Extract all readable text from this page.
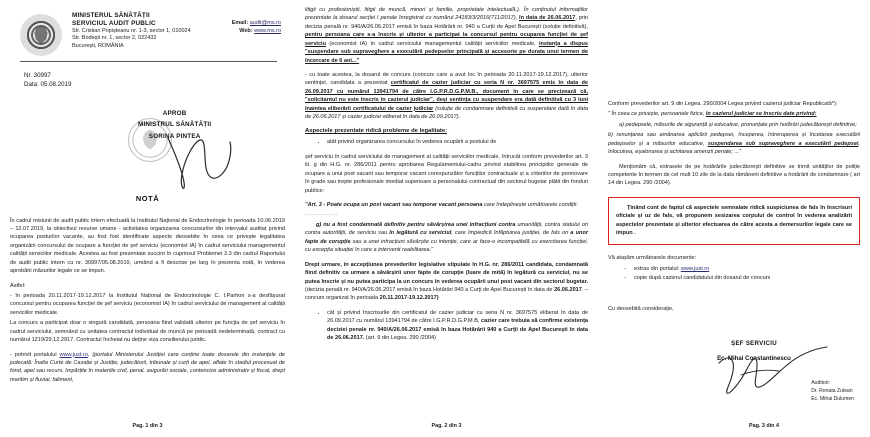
MINISTERUL SĂNĂTĂȚII
SERVICIUL AUDIT PUBLIC
Str. Cristian Popișteanu nr. 1-3, sector 1, 010024
Str. Bodești nr. 1, sector 2, 022432
București, ROMÂNIA
Email: audit@ms.ro
Web: www.ms.ro
Nr. 30997
Data: 05.08.2019
APROB
MINISTRUL SĂNĂTĂȚII
SORINA PINTEA
NOTĂ

În cadrul misiunii de audit public intern efectuată la Institutul Național de Endocrinologie în perioada 10.06.2019 – 12.07.2019, la obiectivul resurse umane - activitatea organizarea concursurilor din intervalul auditat privind ocuparea posturilor vacante, au fost fost identificate aspecte deosebite în ceea ce privește legalitatea organizării concursului de ocupare a funcției de șef serviciu (economist IA) în cadrul serviciului managementul calității serviciilor medicale. Acestea au fost prezentate succint în cuprinsul Problemei 3.3 din cadrul Raportului de audit public intern cu nr. 30997/05.08.2019, urmând a fi descrise pe larg în prezenta notă, în vederea aprobării măsurilor legale ce se impun.

Astfel:

- în perioada 20.11.2017-19.12.2017 la Institutul Național de Endocrinologie C. I.Parhon s-a desfășurat concursul pentru ocuparea funcției de șef serviciu (economist IA) în cadrul serviciului de management al calității serviciilor medicale.

La concurs a participat doar o singură candidată, persoana fiind validată ulterior pe funcția de șef serviciu în cadrul serviciului, semnând cu unitatea contractul individual de muncă pe perioadă nedeterminată, contract cu numărul 1219/29.12.2917. Contractul încheiat nu deține viza consilierului juridic.

- potrivit portalului www.just.ro, (portalul Ministerului Justiției care conține toate dosarele din instanțele de judecată: Înalta Curte de Casație și Justiție, judecătorii, tribunale și curți de apel, aflate în stadiul procesual de fond, apel sau recurs, împărțite în materiile civil, penal, asigurări sociale, contencios administrativ și fiscal, drept maritim și fluvial, faliment,

Pag. 1 din 3

litigii cu profesioniștii, litigii de muncă, minori și familie, proprietate intelectuală.). În conținutul informațiilor prezentate la dosarul secției I penale înregistrat cu numărul 24183/3/2016(711/2017), în data de 26.06.2017, prin decizia penală nr. 940/A/26.06.2017 emisă în baza Hotărârii nr. 940 a Curții de Apel București (soluție definitivă), pentru persoana care s-a înscris și ulterior a participat la concursul pentru ocuparea funcției de șef serviciu (economist IA) în cadrul serviciului managementul calității serviciilor medicale, instanța a dispus "suspendare sub supraveghere a executării pedepselor principală și accesorie pe durata unui termen de încercare de 6 ani..."

- cu toate acestea, la dosarul de concurs (concurs care a avut loc în perioada 20.11.2017-19.12.2017), ulterior sentinței, candidata a prezentat certificatul de cazier judiciar cu seria N nr. 3697575 emis în data de 26.09.2017 cu numărul 13941794 de către I.G.P.R.D.G.P.M.B., document în care se precizează că, "solicitantul nu este înscris în cazierul judiciar", deși sentința cu suspendare era dată definitivă cu 3 luni înaintea eliberării certificatului de cazier judiciar (soluție de condamnare definitivă cu suspendare dată în data de 26.06.2017 și cazier judiciar eliberat în data de 26.09.2017).

Aspectele prezentate ridică probleme de legalitate:

• atât privind organizarea concursului în vederea ocupării a postului de

șef serviciu în cadrul serviciului de management al calității serviciilor medicale, întrucât conform prevederilor art. 3 lit. g din H.G. nr. 286/2011 pentru aprobarea Regulamentului-cadru privind stabilirea principiilor generale de ocupare a unui post vacant sau temporar vacant corespunzător funcțiilor contractuale și a criteriilor de promovare în grade sau trepte profesionale imediat superioare a personalului contractual din sectorul bugetar plătit din fonduri publice:

"Art. 3 - Poate ocupa un post vacant sau temporar vacant persoana care îndeplinește următoarele condiții:

..............

g) nu a fost condamnată definitiv pentru săvârșirea unei infracțiuni contra umanității, contra statului ori contra autorității, de serviciu sau în legătură cu serviciul, care împiedică înfăptuirea justiției, de fals ori a unor fapte de corupție sau a unei infracțiuni săvârșite cu intenție, care ar face-o incompatibilă cu exercitarea funcției, cu excepția situației în care a intervenit reabilitarea."

Drept urmare, în accepțiunea prevederilor legislative stipulate în H.G. nr. 286/2011 candidata, condamnată fiind definitiv ca urmare a săvârșirii unor fapte de corupție (luare de mită) în legătură cu serviciul, nu se putea înscrie și nu putea participa la un concurs în vederea ocupării unui post vacant din sectorul bugetar. (decizia penală nr. 940/A/26.06.2017 emisă în baza Hotărâri 940 a Curți de Apel București în data de 26.06.2017. – concurs organizat în perioada 20.11.2017-19.12.2017)

• cât și privind înscrisurile din certificatul de cazier judiciar cu seria N nr. 3697575 eliberat în data de 26.09.2017 cu numărul 13941794 de către I.G.P.R.D.G.P.M.B, cazier care trebuia să confirme existența deciziei penale nr. 940/A/26.06.2017 emisă în baza Hotărârii 940 a Curții de Apel București în data de 26.06.2017. (art. 9 din Legea. 290 /2004)
Pag. 2 din 3

Conform prevederilor art. 9 din Legea. 290/2004 Legea privind cazierul judiciar Republicată*):

" În ceea ce privește, persoanele fizice, în cazierul judiciar se înscriu date privind:

a) pedepsele, măsurile de siguranță și educative, pronunțate prin hotărâri judecătorești definitive;

b) renunțarea sau amânarea aplicării pedepsei, începerea, întreruperea și încetarea executării pedepselor și a măsurilor educative, suspendarea sub supraveghere a executării pedepsei, înlocuirea, eșalonarea și achitarea amenzii penale; ..."

Menționăm că, extrasele de pe hotărârile judecătorești definitive se trimit unităților de poliție competente în termen de cel mult 10 zile de la data rămânerii definitive a hotărârii de condamnare ( art 14 din Legea. 290 /2004).

Ținând cont de faptul că aspectele semnalate ridică suspiciunea de fals în înscrisuri oficiale și uz de fals, vă propunem sesizarea corpului de control în vederea analizării aspectelor prezentate și ulterior efectuarea de către acesta a demersurilor legale care se impun .

Vă atașăm următoarele documente:

- extras din portalul: www.just.ro
- copie după cazierul candidatului din dosarul de concurs

Cu deosebită considerație,

ȘEF SERVICIU
Ec. Mihai Constantinescu
Auditori:
Dr. Renata Zulean
Ec. Mihai Dulumen
Pag. 3 din 4
